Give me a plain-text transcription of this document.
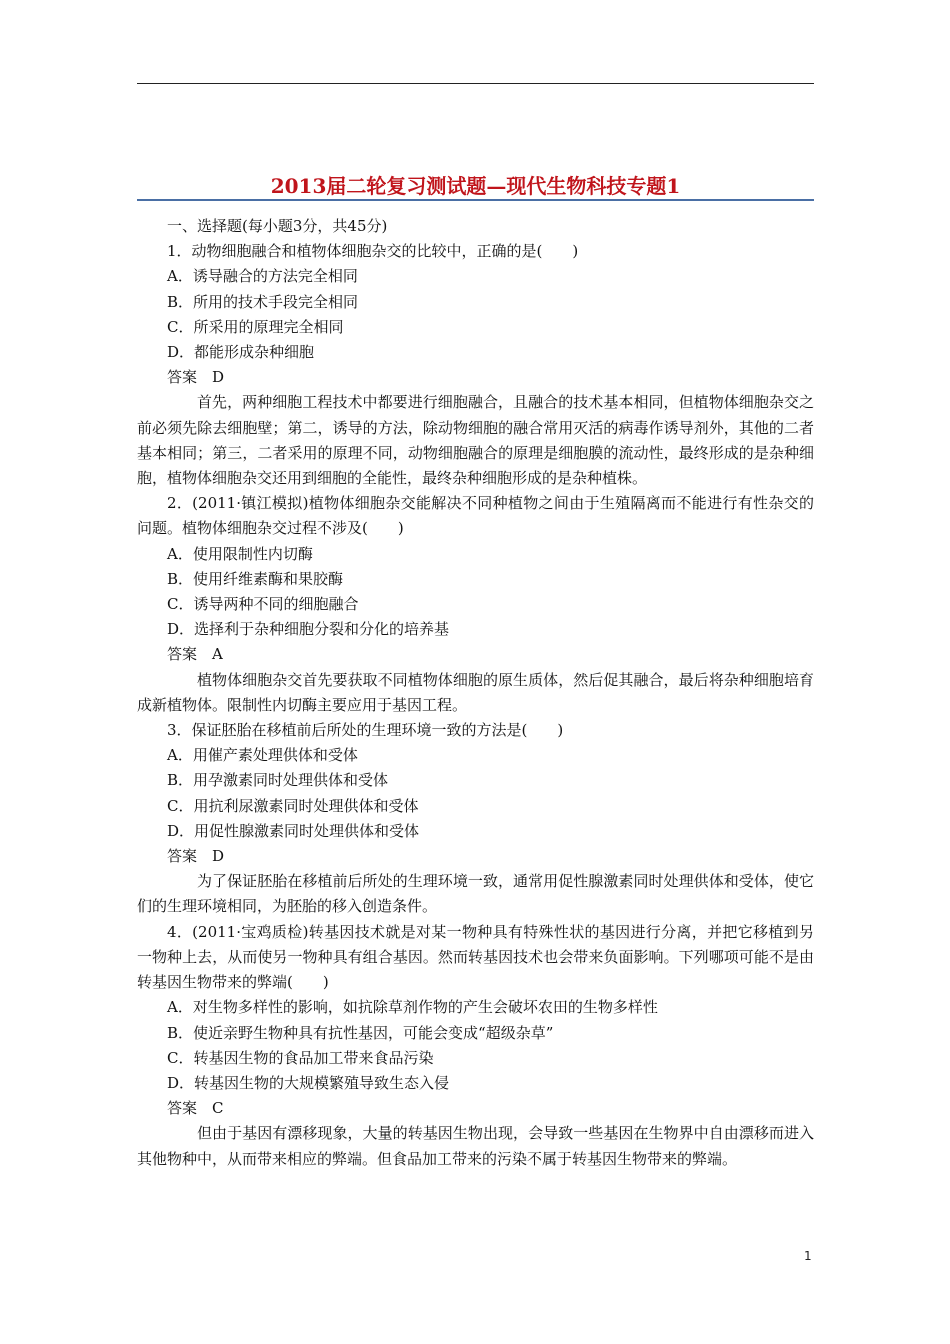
2013届二轮复习测试题—现代生物科技专题1

一、选择题(每小题3分，共45分)

1．动物细胞融合和植物体细胞杂交的比较中，正确的是(　　)

A．诱导融合的方法完全相同

B．所用的技术手段完全相同

C．所采用的原理完全相同

D．都能形成杂种细胞

答案　D

首先，两种细胞工程技术中都要进行细胞融合，且融合的技术基本相同，但植物体细胞杂交之前必须先除去细胞壁；第二，诱导的方法，除动物细胞的融合常用灭活的病毒作诱导剂外，其他的二者基本相同；第三，二者采用的原理不同，动物细胞融合的原理是细胞膜的流动性，最终形成的是杂种细胞，植物体细胞杂交还用到细胞的全能性，最终杂种细胞形成的是杂种植株。

2．(2011·镇江模拟)植物体细胞杂交能解决不同种植物之间由于生殖隔离而不能进行有性杂交的问题。植物体细胞杂交过程不涉及(　　)

A．使用限制性内切酶

B．使用纤维素酶和果胶酶

C．诱导两种不同的细胞融合

D．选择利于杂种细胞分裂和分化的培养基

答案　A

植物体细胞杂交首先要获取不同植物体细胞的原生质体，然后促其融合，最后将杂种细胞培育成新植物体。限制性内切酶主要应用于基因工程。

3．保证胚胎在移植前后所处的生理环境一致的方法是(　　)

A．用催产素处理供体和受体

B．用孕激素同时处理供体和受体

C．用抗利尿激素同时处理供体和受体

D．用促性腺激素同时处理供体和受体

答案　D

为了保证胚胎在移植前后所处的生理环境一致，通常用促性腺激素同时处理供体和受体，使它们的生理环境相同，为胚胎的移入创造条件。

4．(2011·宝鸡质检)转基因技术就是对某一物种具有特殊性状的基因进行分离，并把它移植到另一物种上去，从而使另一物种具有组合基因。然而转基因技术也会带来负面影响。下列哪项可能不是由转基因生物带来的弊端(　　)

A．对生物多样性的影响，如抗除草剂作物的产生会破坏农田的生物多样性

B．使近亲野生物种具有抗性基因，可能会变成“超级杂草”

C．转基因生物的食品加工带来食品污染

D．转基因生物的大规模繁殖导致生态入侵

答案　C

但由于基因有漂移现象，大量的转基因生物出现，会导致一些基因在生物界中自由漂移而进入其他物种中，从而带来相应的弊端。但食品加工带来的污染不属于转基因生物带来的弊端。

1
